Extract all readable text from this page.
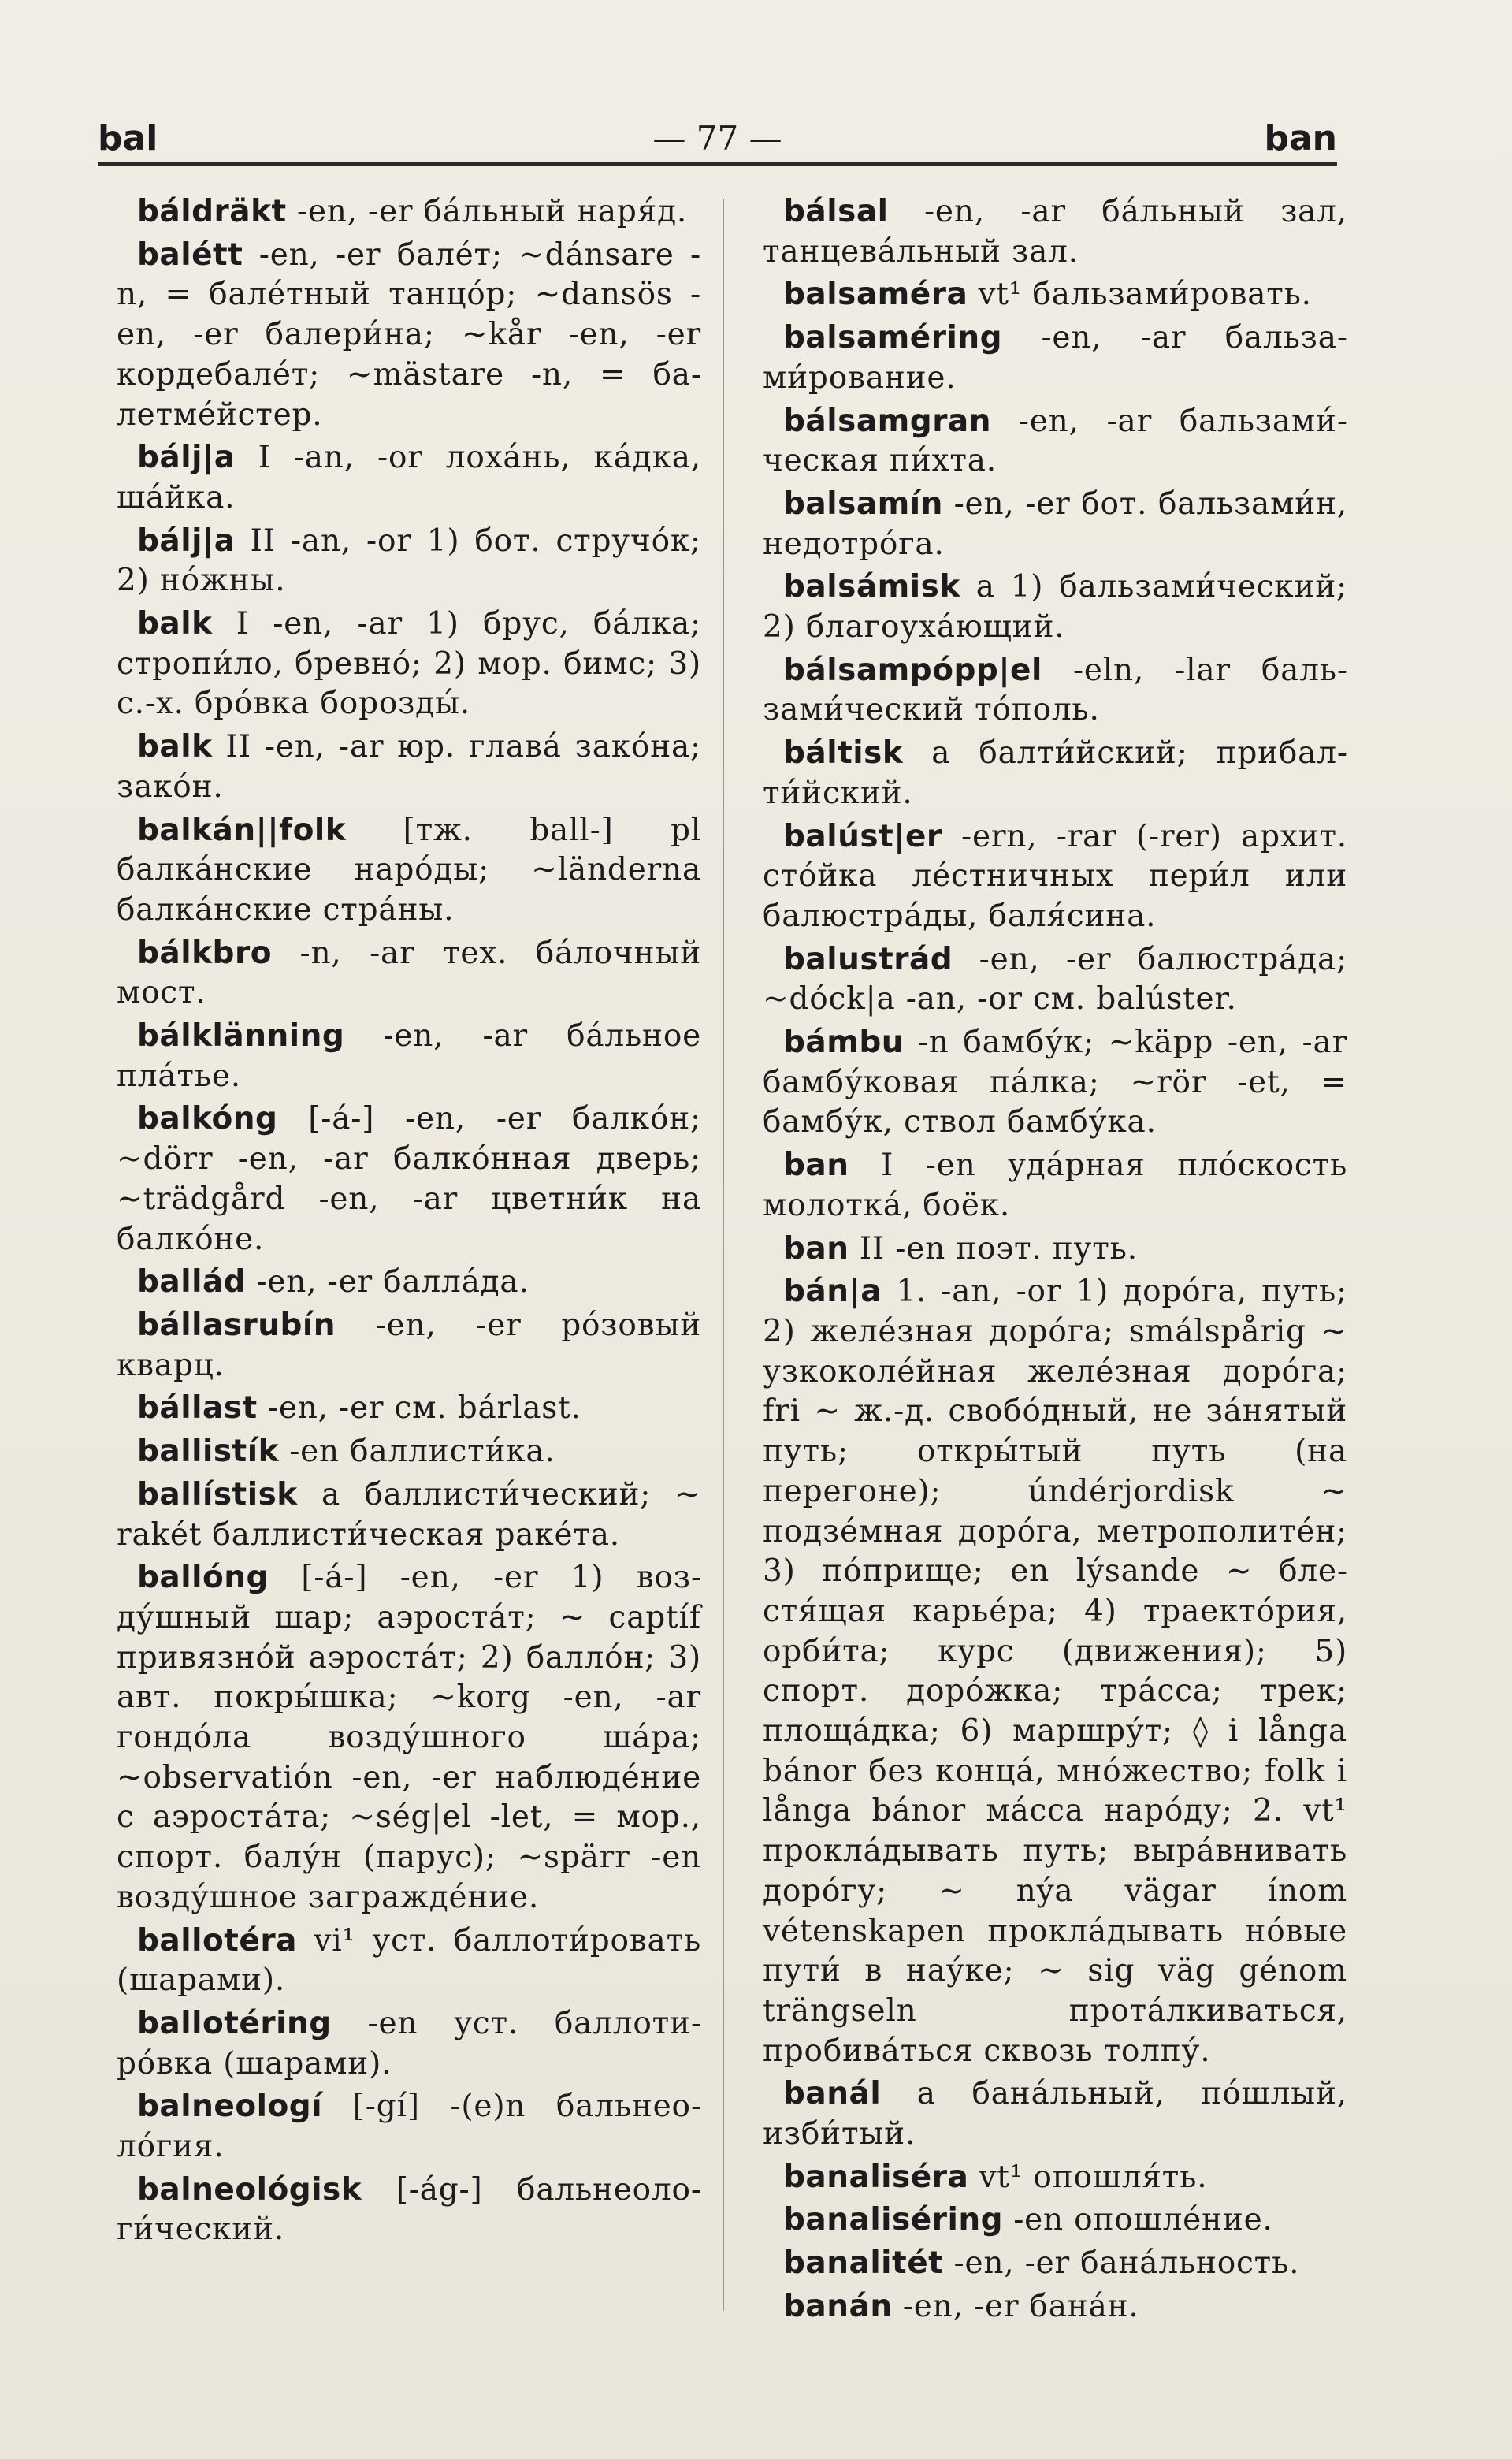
bal	— 77 —	ban

báldräkt -en, -er ба́льный наря́д.

balétt -en, -er бале́т; ~dánsare -n, = бале́тный танцо́р; ~dansös -en, -er балери́на; ~kår -en, -er кордебале́т; ~mästare -n, = балетме́йстер.

bálj|a I -an, -or лоха́нь, ка́дка, ша́йка.

bálj|a II -an, -or 1) бот. стручо́к; 2) но́жны.

balk I -en, -ar 1) брус, ба́лка; стропи́ло, бревно́; 2) мор. бимс; 3) с.-х. бро́вка борозды́.

balk II -en, -ar юр. глава́ зако́на; зако́н.

balkán||folk [тж. ball-] pl балка́нские наро́ды; ~länderna балка́нские стра́ны.

bálkbro -n, -ar тех. ба́лочный мост.

bálklänning -en, -ar ба́льное пла́тье.

balkóng [-á-] -en, -er балко́н; ~dörr -en, -ar балко́нная дверь; ~trädgård -en, -ar цветни́к на балко́не.

ballád -en, -er балла́да.

bállasrubín -en, -er ро́зовый кварц.

bállast -en, -er см. bárlast.

ballistík -en баллисти́ка.

ballístisk a баллисти́ческий; ~ rakét баллисти́ческая раке́та.

ballóng [-á-] -en, -er 1) возду́шный шар; аэроста́т; ~ captíf привязно́й аэроста́т; 2) балло́н; 3) авт. покры́шка; ~korg -en, -ar гондо́ла возду́шного ша́ра; ~observatión -en, -er наблюде́ние с аэроста́та; ~ség|el -let, = мор., спорт. балу́н (парус); ~spärr -en возду́шное загражде́ние.

ballotéra vi¹ уст. баллоти́ровать (шарами).

ballotéring -en уст. баллотиро́вка (шарами).

balneologí [-gí] -(e)n бальнеоло́гия.

balneológisk [-ág-] бальнеологи́ческий.

bálsal -en, -ar ба́льный зал, танцева́льный зал.

balsaméra vt¹ бальзами́ровать.

balsaméring -en, -ar бальзами́рование.

bálsamgran -en, -ar бальзами́ческая пи́хта.

balsamín -en, -er бот. бальзами́н, недотро́га.

balsámisk a 1) бальзами́ческий; 2) благоуха́ющий.

bálsampópp|el -eln, -lar бальзами́ческий то́поль.

báltisk a балти́йский; прибалти́йский.

balúst|er -ern, -rar (-rer) архит. сто́йка ле́стничных пери́л или балюстра́ды, баля́сина.

balustrád -en, -er балюстра́да; ~dóck|a -an, -or см. balúster.

bámbu -n бамбу́к; ~käpp -en, -ar бамбу́ковая па́лка; ~rör -et, = бамбу́к, ствол бамбу́ка.

ban I -en уда́рная пло́скость молотка́, боёк.

ban II -en поэт. путь.

bán|a 1. -an, -or 1) доро́га, путь; 2) желе́зная доро́га; smálspårig ~ узкоколе́йная желе́зная доро́га; fri ~ ж.-д. свобо́дный, не за́нятый путь; откры́тый путь (на перегоне); úndérjordisk ~ подзе́мная доро́га, метрополите́н; 3) по́прище; en lýsande ~ блестя́щая карье́ра; 4) траекто́рия, орби́та; курс (движения); 5) спорт. доро́жка; тра́сса; трек; площа́дка; 6) маршру́т; ◊ i långa bánor без конца́, мно́жество; folk i långa bánor ма́сса наро́ду; 2. vt¹ прокла́дывать путь; выра́внивать доро́гу; ~ nýa vägar ínom vétenskapen прокла́дывать но́вые пути́ в нау́ке; ~ sig väg génom trängseln прота́лкиваться, пробива́ться сквозь толпу́.

banál a бана́льный, по́шлый, изби́тый.

banaliséra vt¹ опошля́ть.

banaliséring -en опошле́ние.

banalitét -en, -er бана́льность.

banán -en, -er бана́н.
